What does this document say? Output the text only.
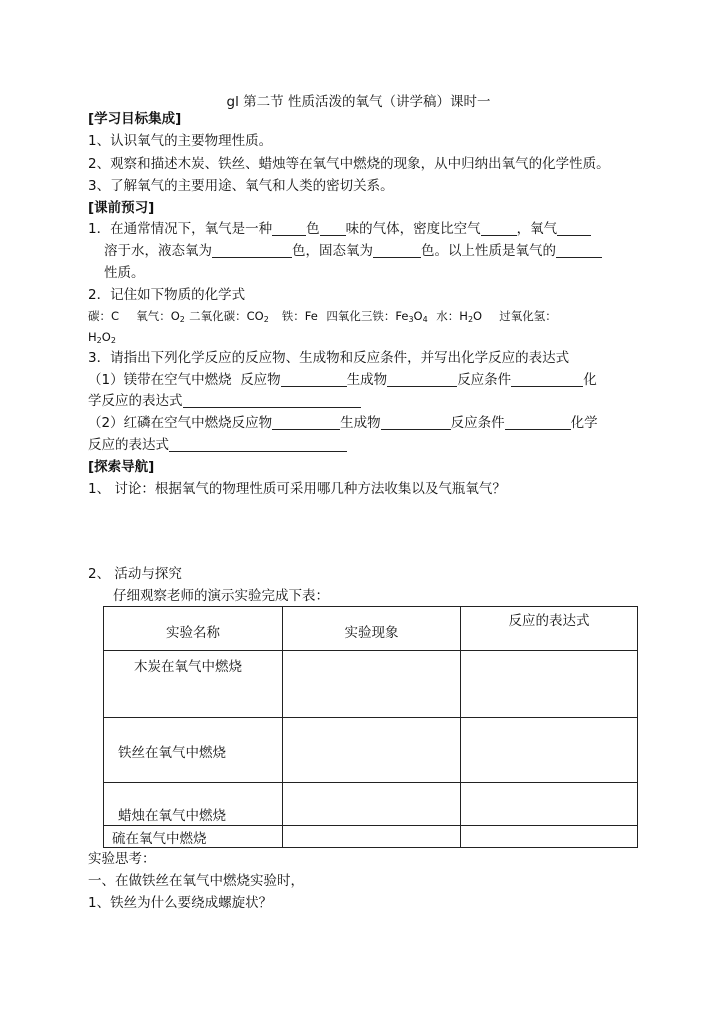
gl 第二节 性质活泼的氧气（讲学稿）课时一
[学习目标集成]
1、认识氧气的主要物理性质。
2、观察和描述木炭、铁丝、蜡烛等在氧气中燃烧的现象，从中归纳出氧气的化学性质。
3、了解氧气的主要用途、氧气和人类的密切关系。
[课前预习]
1．在通常情况下，氧气是一种	色 味的气体，密度比空气	，氧气
溶于水，液态氧为	色，固态氧为	色。以上性质是氧气的
性质。
2．记住如下物质的化学式
碳：C 氧气：$O_2$ 二氧化碳：$CO_2$ 铁：Fe 四氧化三铁：$Fe_3O_4$ 水：$H_2O$ 过氧化氢：
$H_2O_2$
3．请指出下列化学反应的反应物、生成物和反应条件，并写出化学反应的表达式
（1）镁带在空气中燃烧 反应物	生成物	反应条件	化
学反应的表达式
（2）红磷在空气中燃烧反应物	生成物	反应条件	化学
反应的表达式
[探索导航]
1、 讨论：根据氧气的物理性质可采用哪几种方法收集以及气瓶氧气？
2、 活动与探究
仔细观察老师的演示实验完成下表：
实验名称	实验现象	反应的表达式
木炭在氧气中燃烧		
铁丝在氧气中燃烧		
蜡烛在氧气中燃烧		
硫在氧气中燃烧		
实验思考：
一、在做铁丝在氧气中燃烧实验时，
1、铁丝为什么要绕成螺旋状？
